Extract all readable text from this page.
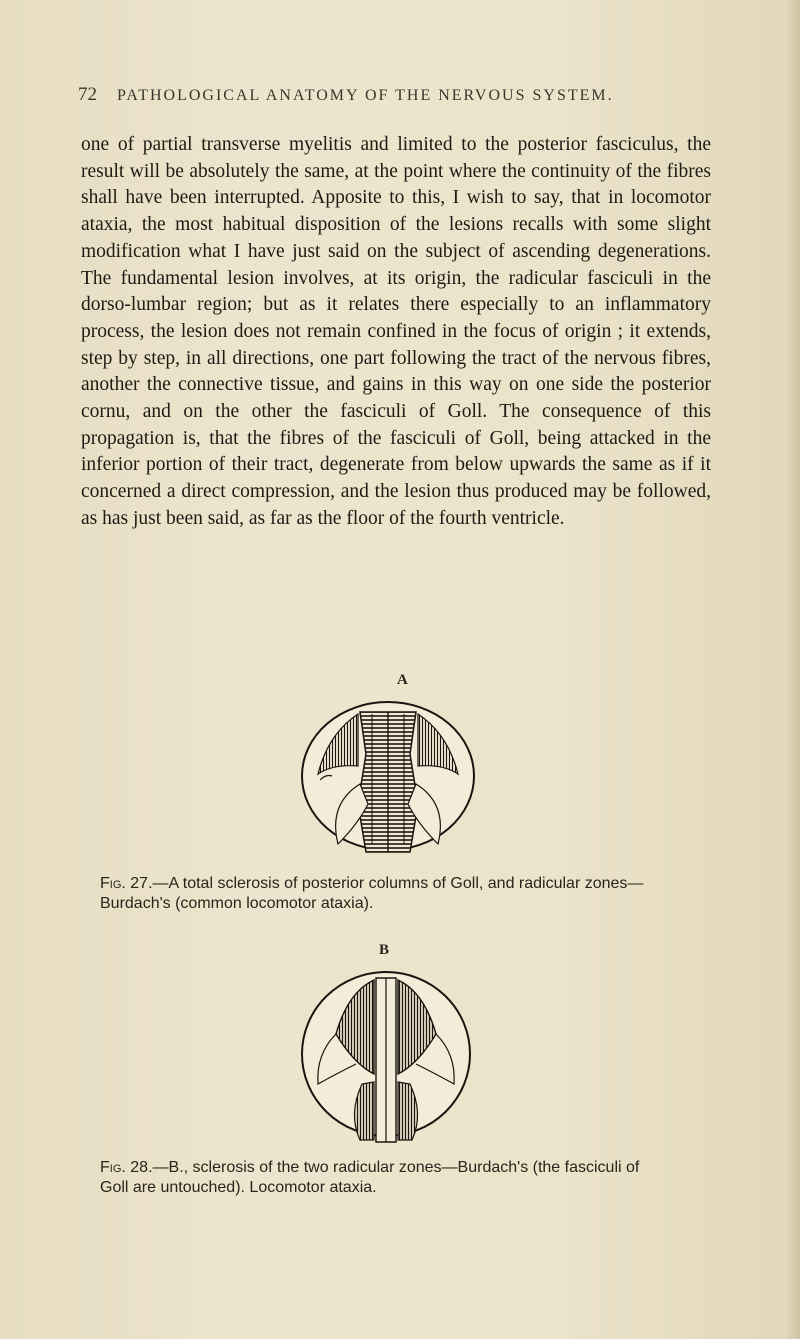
72 PATHOLOGICAL ANATOMY OF THE NERVOUS SYSTEM.

one of partial transverse myelitis and limited to the posterior fasciculus, the result will be absolutely the same, at the point where the continuity of the fibres shall have been interrupted. Apposite to this, I wish to say, that in locomotor ataxia, the most habitual disposition of the lesions recalls with some slight modification what I have just said on the subject of ascending degenerations. The fundamental lesion involves, at its origin, the radicular fasciculi in the dorso-lumbar region; but as it relates there especially to an inflammatory process, the lesion does not remain confined in the focus of origin ; it extends, step by step, in all directions, one part following the tract of the nervous fibres, another the connective tissue, and gains in this way on one side the posterior cornu, and on the other the fasciculi of Goll. The consequence of this propagation is, that the fibres of the fasciculi of Goll, being attacked in the inferior portion of their tract, degenerate from below upwards the same as if it concerned a direct compression, and the lesion thus produced may be followed, as has just been said, as far as the floor of the fourth ventricle.

A
Fig. 27.—A total sclerosis of posterior columns of Goll, and radicular zones—Burdach's (common locomotor ataxia).
B
Fig. 28.—B., sclerosis of the two radicular zones—Burdach's (the fasciculi of Goll are untouched). Locomotor ataxia.
